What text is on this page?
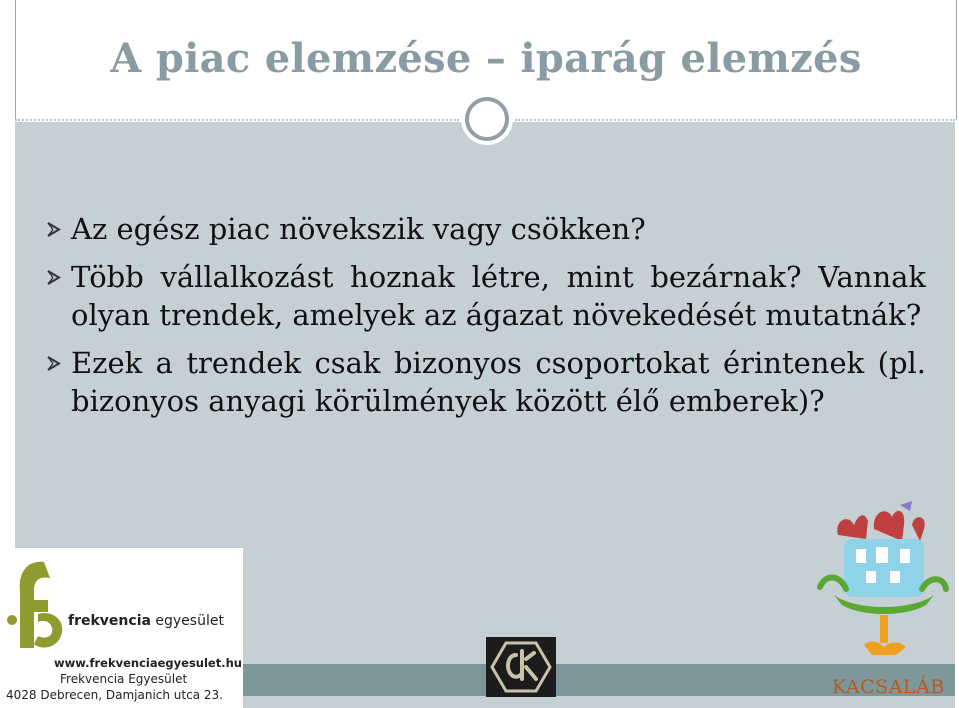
A piac elemzése – iparág elemzés
Az egész piac növekszik vagy csökken?
Több vállalkozást hoznak létre, mint bezárnak? Vannak olyan trendek, amelyek az ágazat növekedését mutatnák?
Ezek a trendek csak bizonyos csoportokat érintenek (pl. bizonyos anyagi körülmények között élő emberek)?
frekvencia egyesület
www.frekvenciaegyesulet.hu
Frekvencia Egyesület
4028 Debrecen, Damjanich utca 23.	KACSALÁB
